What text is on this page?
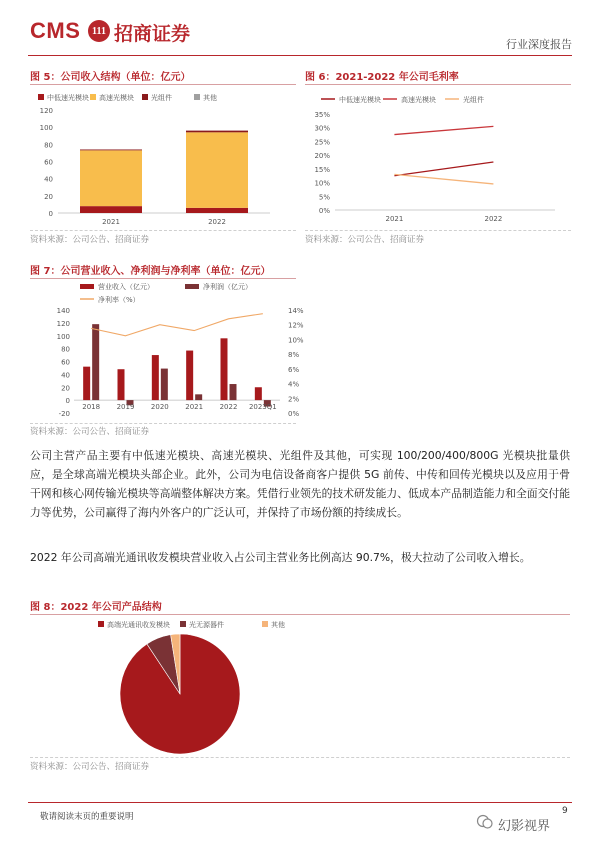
CMS	111 招商证券	行业深度报告
图 5：公司收入结构（单位：亿元）
中低速光模块 高速光模块 光组件	其他
0
20
40
60
80
100
120
2021	2022
资料来源：公司公告、招商证券
图 6：2021-2022 年公司毛利率
中低速光模块	高速光模块	光组件
0%
5%
10%
15%
20%
25%
30%
35%
2021	2022
资料来源：公司公告、招商证券
图 7：公司营业收入、净利润与净利率（单位：亿元）
营业收入（亿元）	净利润（亿元）
净利率（%）
-20
0
20
40
60
80
100
120
140
0%
2%
4%
6%
8%
10%
12%
14%
2018 2019 2020 2021 2022 2023Q1
资料来源：公司公告、招商证券
公司主营产品主要有中低速光模块、高速光模块、光组件及其他，可实现 100/200/400/800G 光模块批量供应，是全球高端光模块头部企业。此外，公司为电信设备商客户提供 5G 前传、中传和回传光模块以及应用于骨干网和核心网传输光模块等高端整体解决方案。凭借行业领先的技术研发能力、低成本产品制造能力和全面交付能力等优势，公司赢得了海内外客户的广泛认可，并保持了市场份额的持续成长。
2022 年公司高端光通讯收发模块营业收入占公司主营业务比例高达 90.7%，极大拉动了公司收入增长。
图 8：2022 年公司产品结构
高端光通讯收发模块	光无源器件	其他
资料来源：公司公告、招商证券
敬请阅读末页的重要说明
9
幻影视界
